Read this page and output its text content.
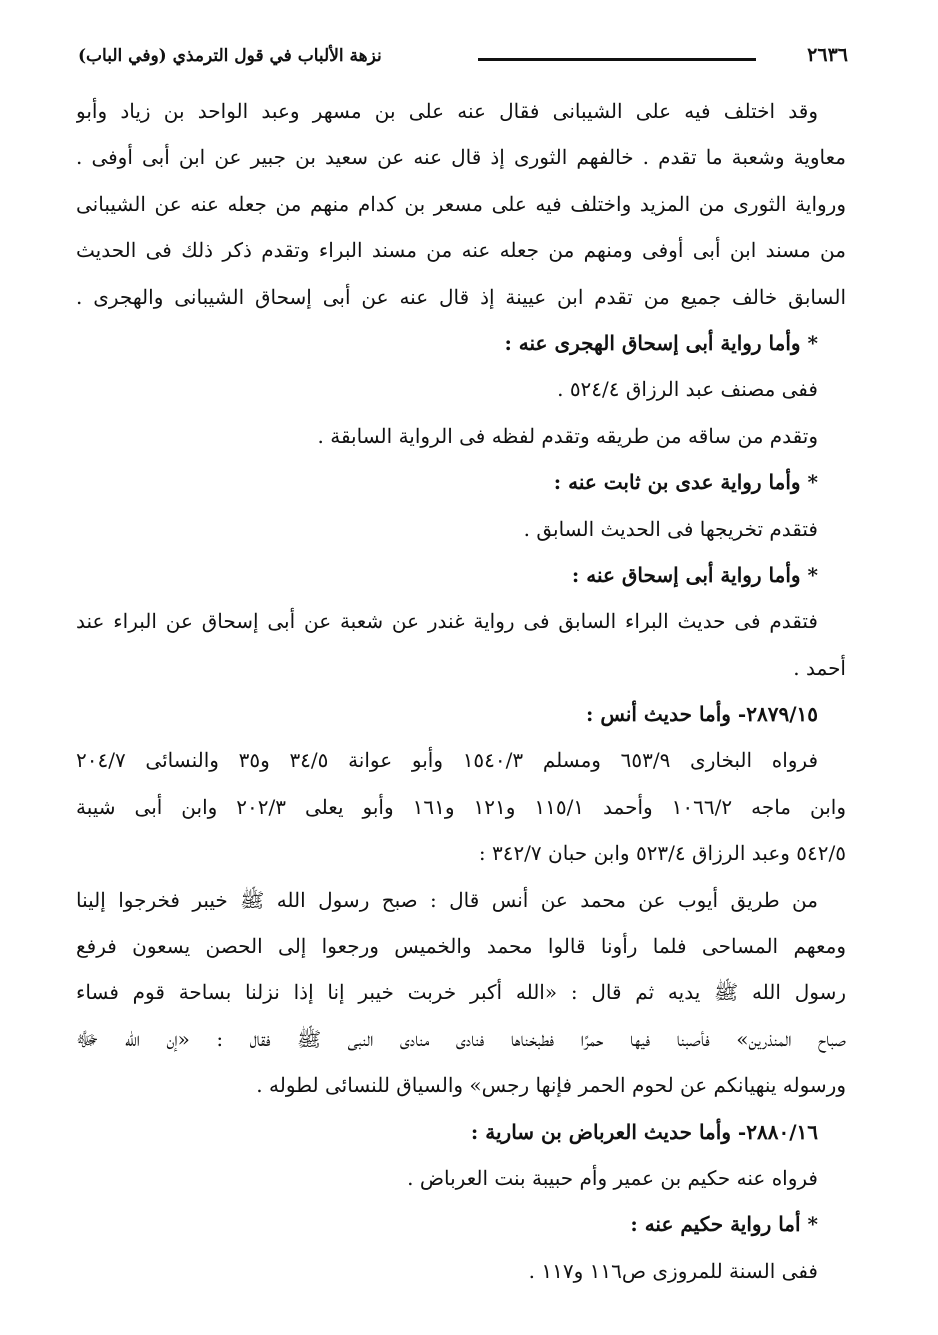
٢٦٣٦
نزهة الألباب في قول الترمذي (وفي الباب)
وقد اختلف فيه على الشيبانى فقال عنه على بن مسهر وعبد الواحد بن زياد وأبو
معاوية وشعبة ما تقدم . خالفهم الثورى إذ قال عنه عن سعيد بن جبير عن ابن أبى أوفى .
ورواية الثورى من المزيد واختلف فيه على مسعر بن كدام منهم من جعله عنه عن الشيبانى
من مسند ابن أبى أوفى ومنهم من جعله عنه من مسند البراء وتقدم ذكر ذلك فى الحديث
السابق خالف جميع من تقدم ابن عيينة إذ قال عنه عن أبى إسحاق الشيبانى والهجرى .
* وأما رواية أبى إسحاق الهجرى عنه :
ففى مصنف عبد الرزاق ٥٢٤/٤ .
وتقدم من ساقه من طريقه وتقدم لفظه فى الرواية السابقة .
* وأما رواية عدى بن ثابت عنه :
فتقدم تخريجها فى الحديث السابق .
* وأما رواية أبى إسحاق عنه :
فتقدم فى حديث البراء السابق فى رواية غندر عن شعبة عن أبى إسحاق عن البراء عند
أحمد .
٢٨٧٩/١٥- وأما حديث أنس :
فرواه البخارى ٦٥٣/٩ ومسلم ١٥٤٠/٣ وأبو عوانة ٣٤/٥ و٣٥ والنسائى ٢٠٤/٧
وابن ماجه ١٠٦٦/٢ وأحمد ١١٥/١ و١٢١ و١٦١ وأبو يعلى ٢٠٢/٣ وابن أبى شيبة
٥٤٢/٥ وعبد الرزاق ٥٢٣/٤ وابن حبان ٣٤٢/٧ :
من طريق أيوب عن محمد عن أنس قال : صبح رسول الله ﷺ خيبر فخرجوا إلينا
ومعهم المساحى فلما رأونا قالوا محمد والخميس ورجعوا إلى الحصن يسعون فرفع
رسول الله ﷺ يديه ثم قال : «الله أكبر خربت خيبر إنا إذا نزلنا بساحة قوم فساء
صباح المنذرين» فأصبنا فيها حمرًا فطبخناها فنادى منادى النبى ﷺ فقال : «إن الله ﷻ
ورسوله ينهيانكم عن لحوم الحمر فإنها رجس» والسياق للنسائى لطوله .
٢٨٨٠/١٦- وأما حديث العرباض بن سارية :
فرواه عنه حكيم بن عمير وأم حبيبة بنت العرباض .
* أما رواية حكيم عنه :
ففى السنة للمروزى ص١١٦ و١١٧ .
